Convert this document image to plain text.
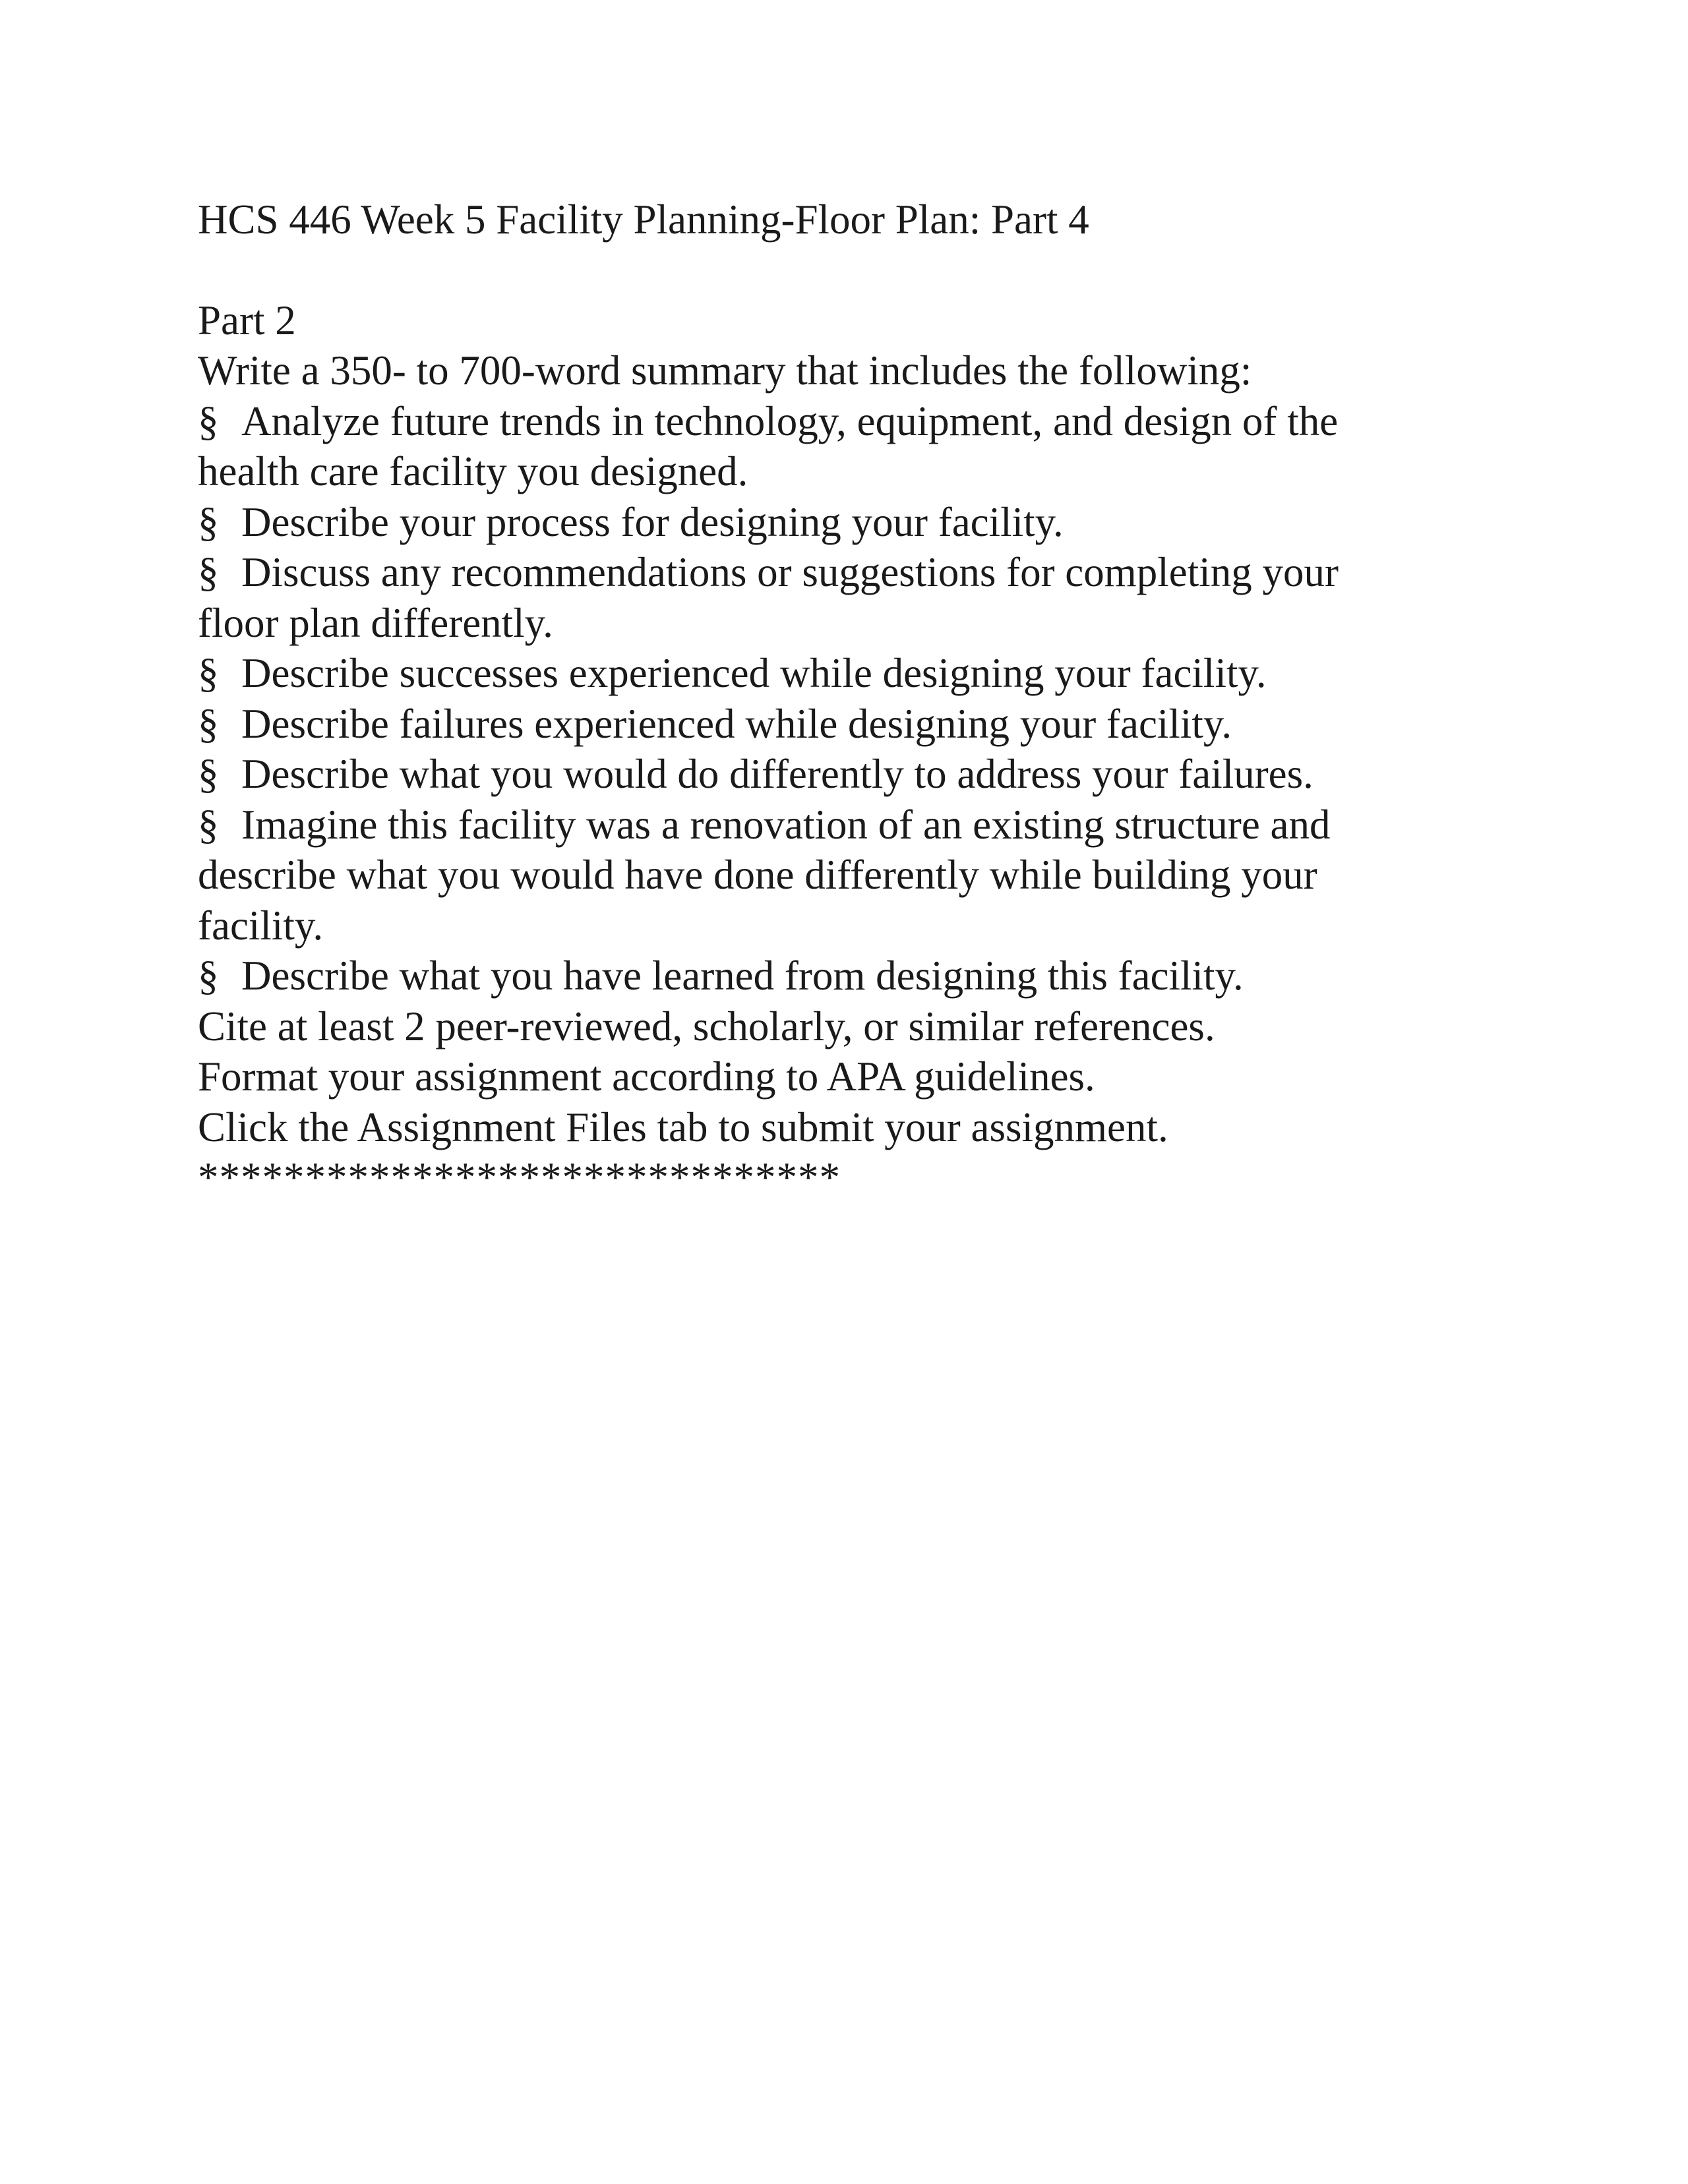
HCS 446 Week 5 Facility Planning-Floor Plan: Part 4

Part 2

Write a 350- to 700-word summary that includes the following:

§ Analyze future trends in technology, equipment, and design of the

health care facility you designed.

§ Describe your process for designing your facility.

§ Discuss any recommendations or suggestions for completing your

floor plan differently.

§ Describe successes experienced while designing your facility.

§ Describe failures experienced while designing your facility.

§ Describe what you would do differently to address your failures.

§ Imagine this facility was a renovation of an existing structure and

describe what you would have done differently while building your

facility.

§ Describe what you have learned from designing this facility.

Cite at least 2 peer-reviewed, scholarly, or similar references.

Format your assignment according to APA guidelines.

Click the Assignment Files tab to submit your assignment.

******************************
